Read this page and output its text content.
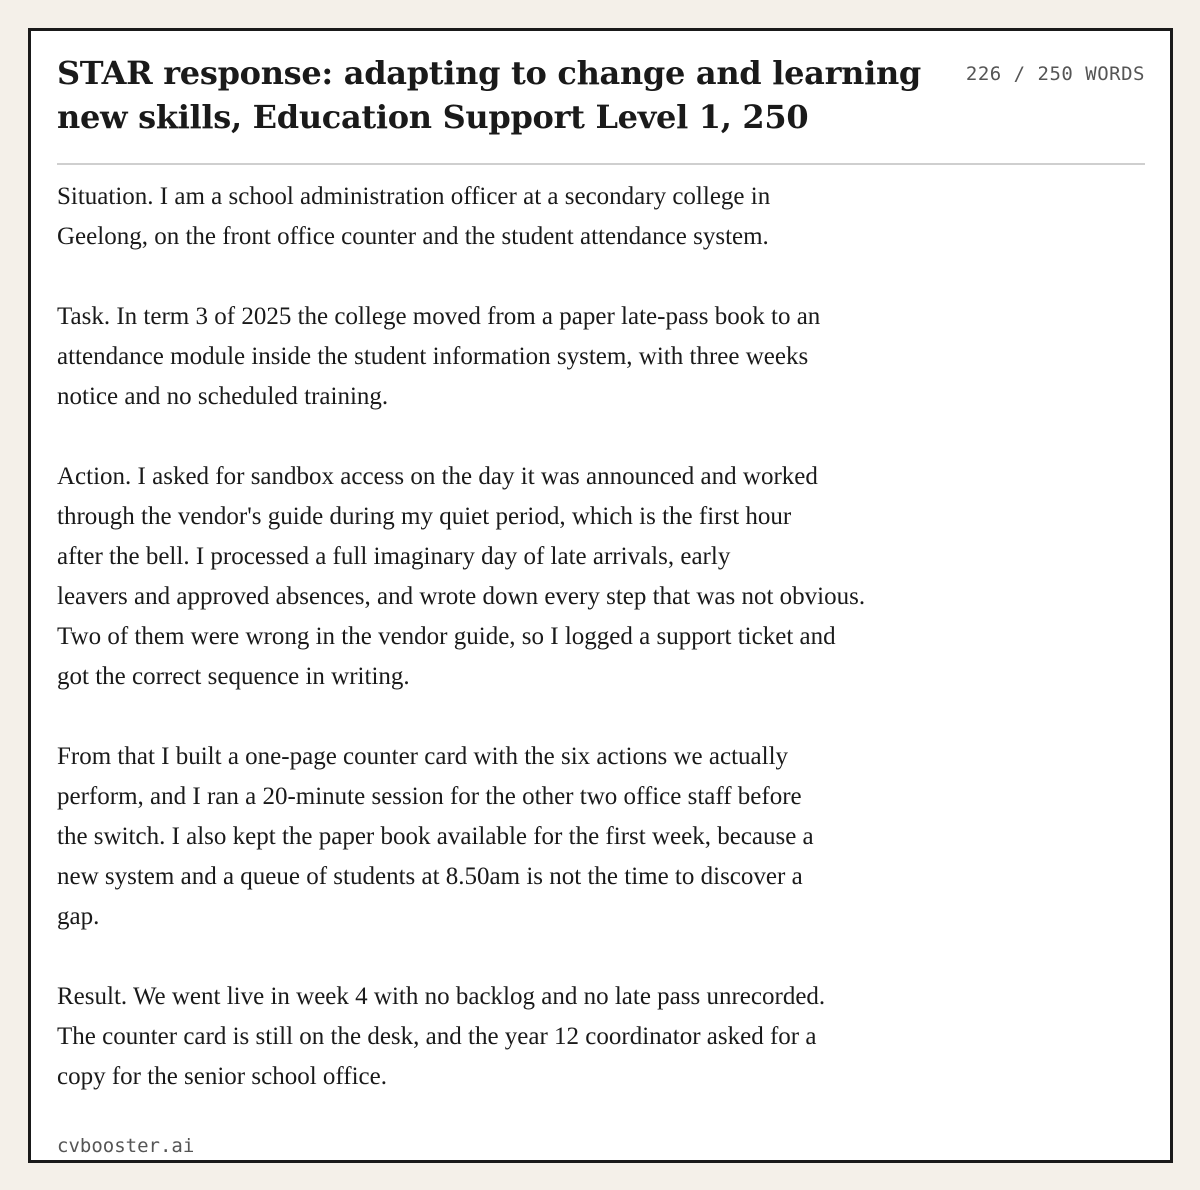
STAR response: adapting to change and learning new skills, Education Support Level 1, 250
226 / 250 WORDS

Situation. I am a school administration officer at a secondary college in
Geelong, on the front office counter and the student attendance system.

Task. In term 3 of 2025 the college moved from a paper late-pass book to an
attendance module inside the student information system, with three weeks
notice and no scheduled training.

Action. I asked for sandbox access on the day it was announced and worked
through the vendor's guide during my quiet period, which is the first hour
after the bell. I processed a full imaginary day of late arrivals, early
leavers and approved absences, and wrote down every step that was not obvious.
Two of them were wrong in the vendor guide, so I logged a support ticket and
got the correct sequence in writing.

From that I built a one-page counter card with the six actions we actually
perform, and I ran a 20-minute session for the other two office staff before
the switch. I also kept the paper book available for the first week, because a
new system and a queue of students at 8.50am is not the time to discover a
gap.

Result. We went live in week 4 with no backlog and no late pass unrecorded.
The counter card is still on the desk, and the year 12 coordinator asked for a
copy for the senior school office.

cvbooster.ai
